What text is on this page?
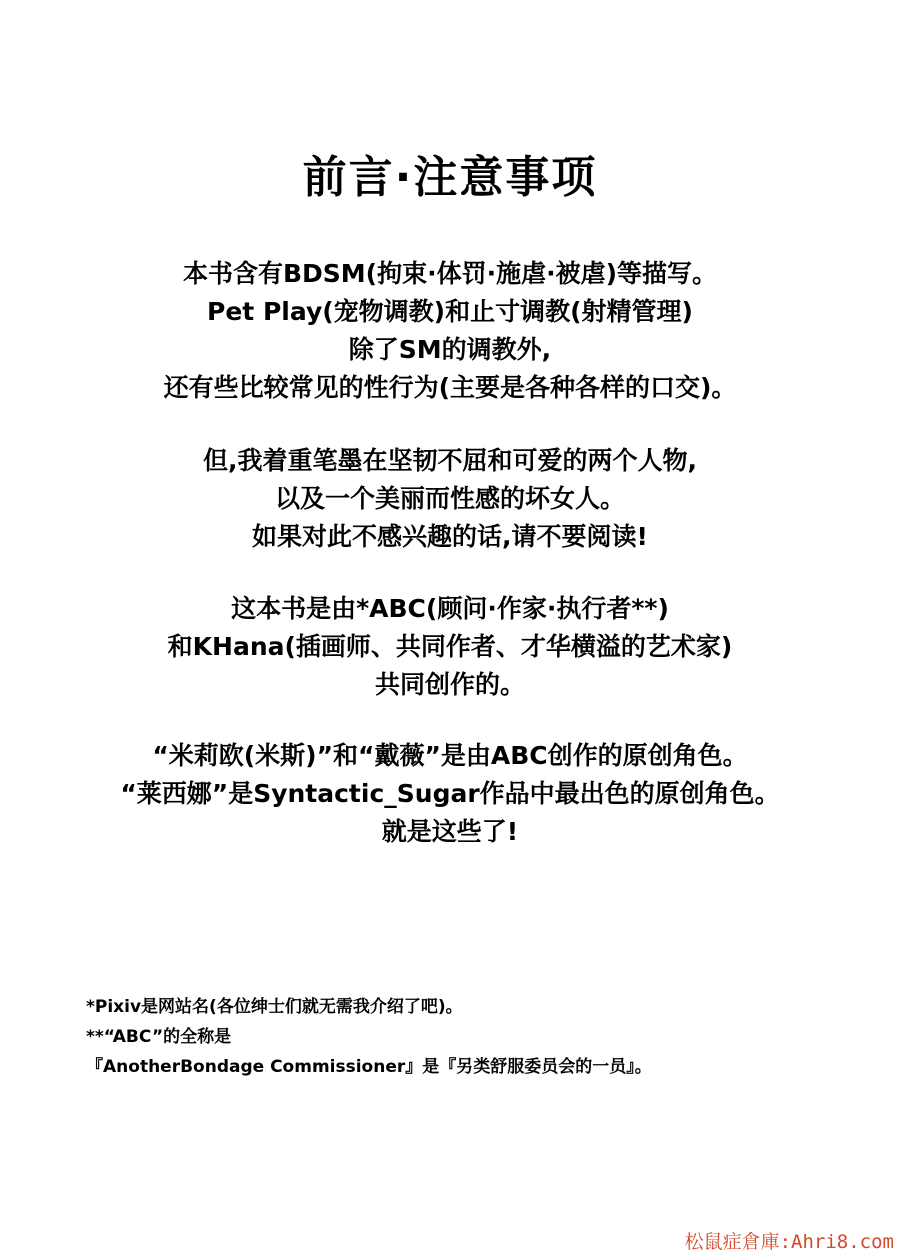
前言·注意事项
本书含有BDSM(拘束·体罚·施虐·被虐)等描写。
Pet Play(宠物调教)和止寸调教(射精管理)
除了SM的调教外,
还有些比较常见的性行为(主要是各种各样的口交)。
但,我着重笔墨在坚韧不屈和可爱的两个人物,
以及一个美丽而性感的坏女人。
如果对此不感兴趣的话,请不要阅读!
这本书是由*ABC(顾问·作家·执行者**)
和KHana(插画师、共同作者、才华横溢的艺术家)
共同创作的。
“米莉欧(米斯)”和“戴薇”是由ABC创作的原创角色。
“莱西娜”是Syntactic_Sugar作品中最出色的原创角色。
就是这些了!
*Pixiv是网站名(各位绅士们就无需我介绍了吧)。
**“ABC”的全称是
『AnotherBondage Commissioner』是『另类舒服委员会的一员』。
松鼠症倉庫:Ahri8.com
